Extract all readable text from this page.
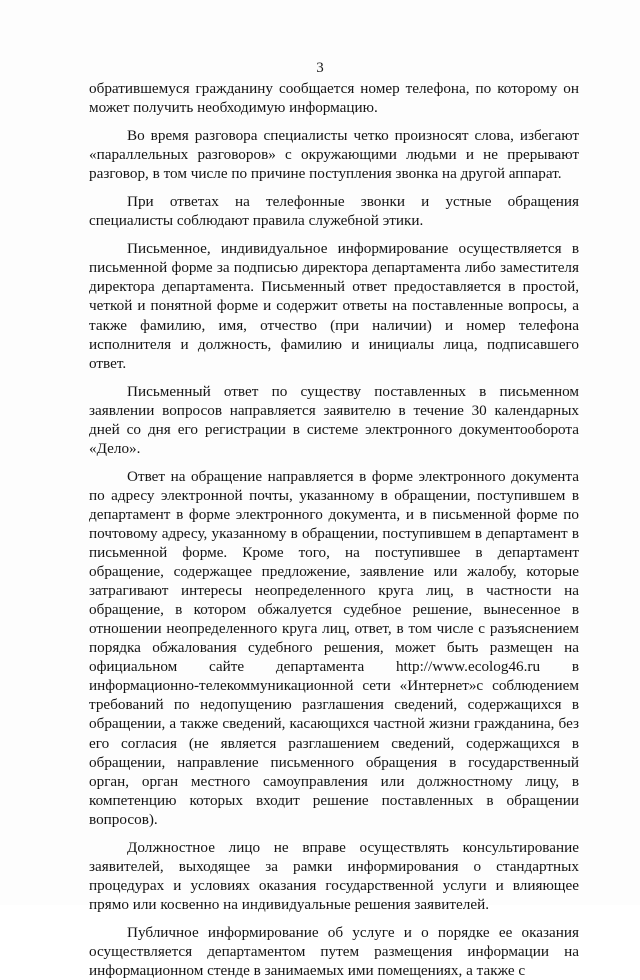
3

обратившемуся гражданину сообщается номер телефона, по которому он может получить необходимую информацию.

Во время разговора специалисты четко произносят слова, избегают «параллельных разговоров» с окружающими людьми и не прерывают разговор, в том числе по причине поступления звонка на другой аппарат.

При ответах на телефонные звонки и устные обращения специалисты соблюдают правила служебной этики.

Письменное, индивидуальное информирование осуществляется в письменной форме за подписью директора департамента либо заместителя директора департамента. Письменный ответ предоставляется в простой, четкой и понятной форме и содержит ответы на поставленные вопросы, а также фамилию, имя, отчество (при наличии) и номер телефона исполнителя и должность, фамилию и инициалы лица, подписавшего ответ.

Письменный ответ по существу поставленных в письменном заявлении вопросов направляется заявителю в течение 30 календарных дней со дня его регистрации в системе электронного документооборота «Дело».

Ответ на обращение направляется в форме электронного документа по адресу электронной почты, указанному в обращении, поступившем в департамент в форме электронного документа, и в письменной форме по почтовому адресу, указанному в обращении, поступившем в департамент в письменной форме. Кроме того, на поступившее в департамент обращение, содержащее предложение, заявление или жалобу, которые затрагивают интересы неопределенного круга лиц, в частности на обращение, в котором обжалуется судебное решение, вынесенное в отношении неопределенного круга лиц, ответ, в том числе с разъяснением порядка обжалования судебного решения, может быть размещен на официальном сайте департамента http://www.ecolog46.ru в информационно-телекоммуникационной сети «Интернет»с соблюдением требований по недопущению разглашения сведений, содержащихся в обращении, а также сведений, касающихся частной жизни гражданина, без его согласия (не является разглашением сведений, содержащихся в обращении, направление письменного обращения в государственный орган, орган местного самоуправления или должностному лицу, в компетенцию которых входит решение поставленных в обращении вопросов).

Должностное лицо не вправе осуществлять консультирование заявителей, выходящее за рамки информирования о стандартных процедурах и условиях оказания государственной услуги и влияющее прямо или косвенно на индивидуальные решения заявителей.

Публичное информирование об услуге и о порядке ее оказания осуществляется департаментом путем размещения информации на информационном стенде в занимаемых ими помещениях, а также с
